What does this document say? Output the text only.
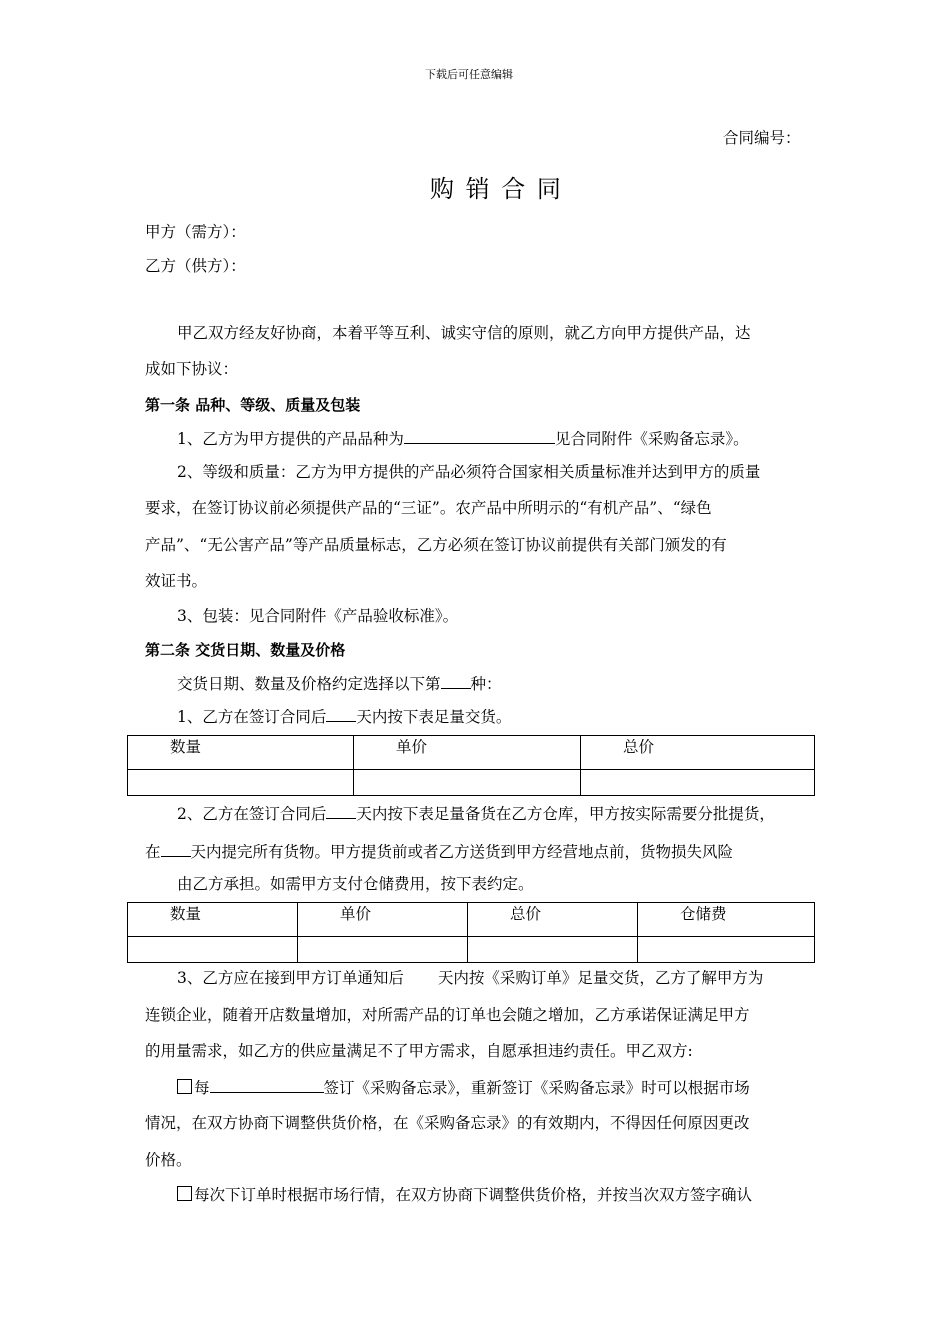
下载后可任意编辑
合同编号：
购 销 合 同
甲方（需方）：
乙方（供方）：
甲乙双方经友好协商，本着平等互利、诚实守信的原则，就乙方向甲方提供产品，达
成如下协议：
第一条 品种、等级、质量及包装
1、乙方为甲方提供的产品品种为	见合同附件《采购备忘录》。
2、等级和质量：乙方为甲方提供的产品必须符合国家相关质量标准并达到甲方的质量
要求，在签订协议前必须提供产品的“三证”。农产品中所明示的“有机产品”、“绿色
产品”、“无公害产品”等产品质量标志，乙方必须在签订协议前提供有关部门颁发的有
效证书。
3、包装：见合同附件《产品验收标准》。
第二条 交货日期、数量及价格
交货日期、数量及价格约定选择以下第 种：
1、乙方在签订合同后 天内按下表足量交货。
数量	单价	总价

2、乙方在签订合同后 天内按下表足量备货在乙方仓库，甲方按实际需要分批提货，
在 天内提完所有货物。甲方提货前或者乙方送货到甲方经营地点前，货物损失风险
由乙方承担。如需甲方支付仓储费用，按下表约定。
数量	单价	总价	仓储费

3、乙方应在接到甲方订单通知后 天内按《采购订单》足量交货，乙方了解甲方为
连锁企业，随着开店数量增加，对所需产品的订单也会随之增加，乙方承诺保证满足甲方
的用量需求，如乙方的供应量满足不了甲方需求，自愿承担违约责任。甲乙双方:
每	签订《采购备忘录》，重新签订《采购备忘录》时可以根据市场
情况，在双方协商下调整供货价格，在《采购备忘录》的有效期内，不得因任何原因更改
价格。
每次下订单时根据市场行情，在双方协商下调整供货价格，并按当次双方签字确认
